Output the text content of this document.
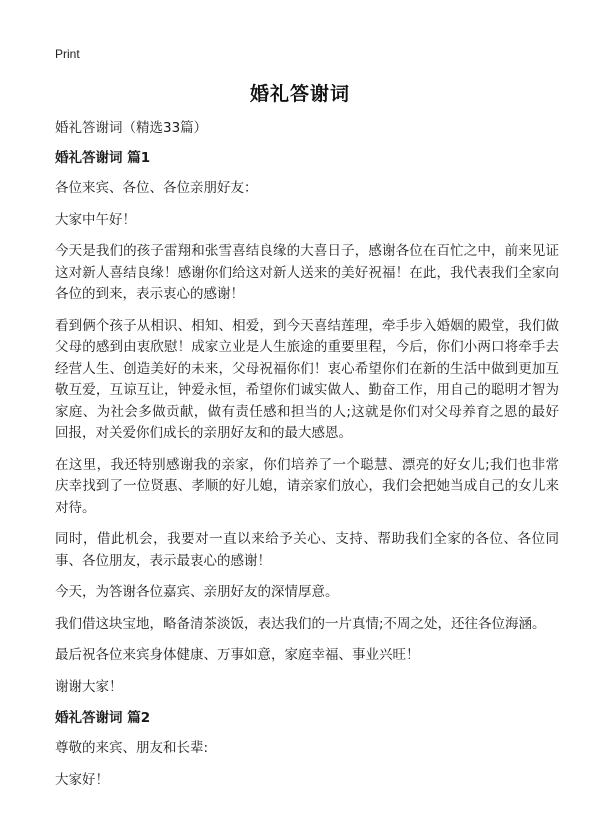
Print
婚礼答谢词
婚礼答谢词（精选33篇）
婚礼答谢词 篇1
各位来宾、各位、各位亲朋好友：
大家中午好！
今天是我们的孩子雷翔和张雪喜结良缘的大喜日子，感谢各位在百忙之中，前来见证这对新人喜结良缘！感谢你们给这对新人送来的美好祝福！在此，我代表我们全家向各位的到来，表示衷心的感谢！
看到俩个孩子从相识、相知、相爱，到今天喜结莲理，牵手步入婚姻的殿堂，我们做父母的感到由衷欣慰！成家立业是人生旅途的重要里程，今后，你们小两口将牵手去经营人生、创造美好的未来，父母祝福你们！衷心希望你们在新的生活中做到更加互敬互爱，互谅互让，钟爱永恒，希望你们诚实做人、勤奋工作，用自己的聪明才智为家庭、为社会多做贡献，做有责任感和担当的人;这就是你们对父母养育之恩的最好回报，对关爱你们成长的亲朋好友和的最大感恩。
在这里，我还特别感谢我的亲家，你们培养了一个聪慧、漂亮的好女儿;我们也非常庆幸找到了一位贤惠、孝顺的好儿媳，请亲家们放心，我们会把她当成自己的女儿来对待。
同时，借此机会，我要对一直以来给予关心、支持、帮助我们全家的各位、各位同事、各位朋友，表示最衷心的感谢！
今天，为答谢各位嘉宾、亲朋好友的深情厚意。
我们借这块宝地，略备清茶淡饭，表达我们的一片真情;不周之处，还往各位海涵。
最后祝各位来宾身体健康、万事如意，家庭幸福、事业兴旺！
谢谢大家！
婚礼答谢词 篇2
尊敬的来宾、朋友和长辈:
大家好！
